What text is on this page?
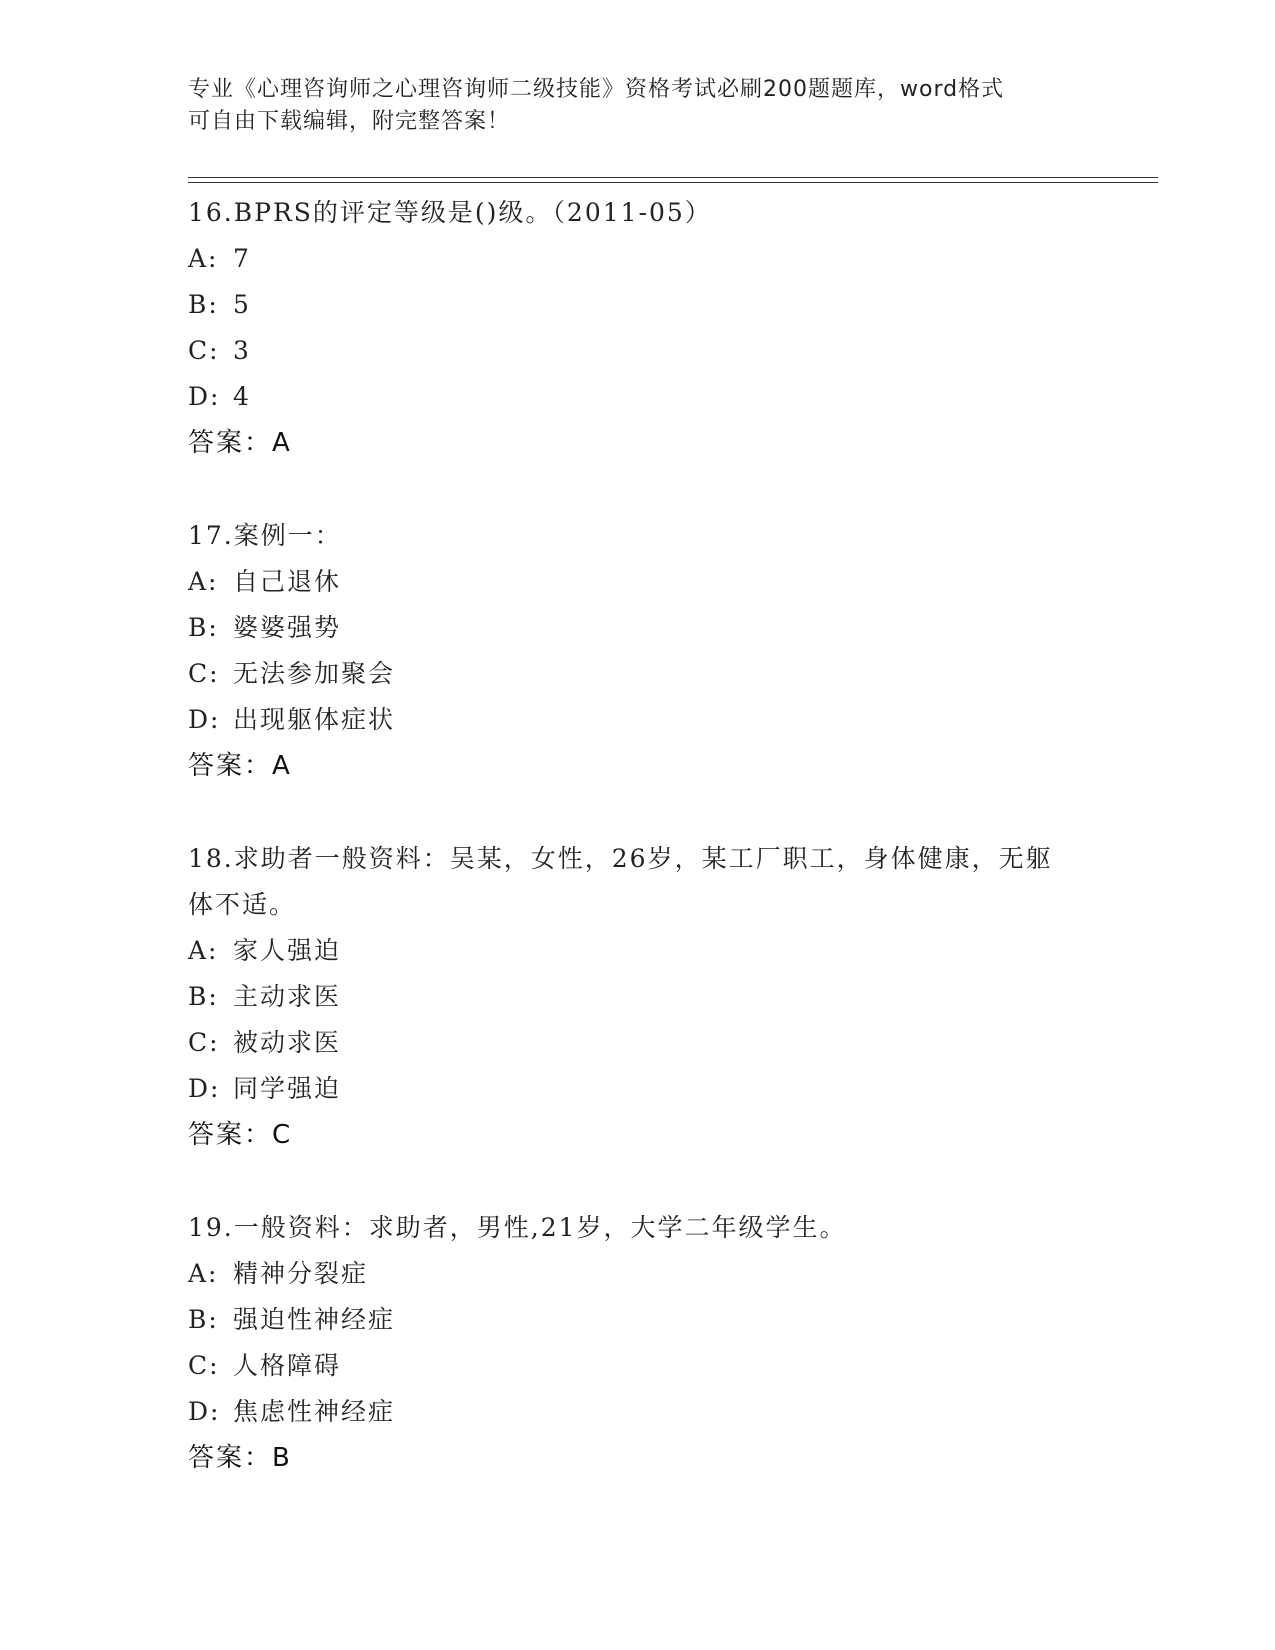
专业《心理咨询师之心理咨询师二级技能》资格考试必刷200题题库，word格式
可自由下载编辑，附完整答案！
16.BPRS的评定等级是()级。（2011-05）
A: 7
B: 5
C: 3
D: 4
答案：A
17.案例一：
A: 自己退休
B: 婆婆强势
C: 无法参加聚会
D: 出现躯体症状
答案：A
18.求助者一般资料：吴某，女性，26岁，某工厂职工，身体健康，无躯体不适。
A: 家人强迫
B: 主动求医
C: 被动求医
D: 同学强迫
答案：C
19.一般资料：求助者，男性,21岁，大学二年级学生。
A: 精神分裂症
B: 强迫性神经症
C: 人格障碍
D: 焦虑性神经症
答案：B
